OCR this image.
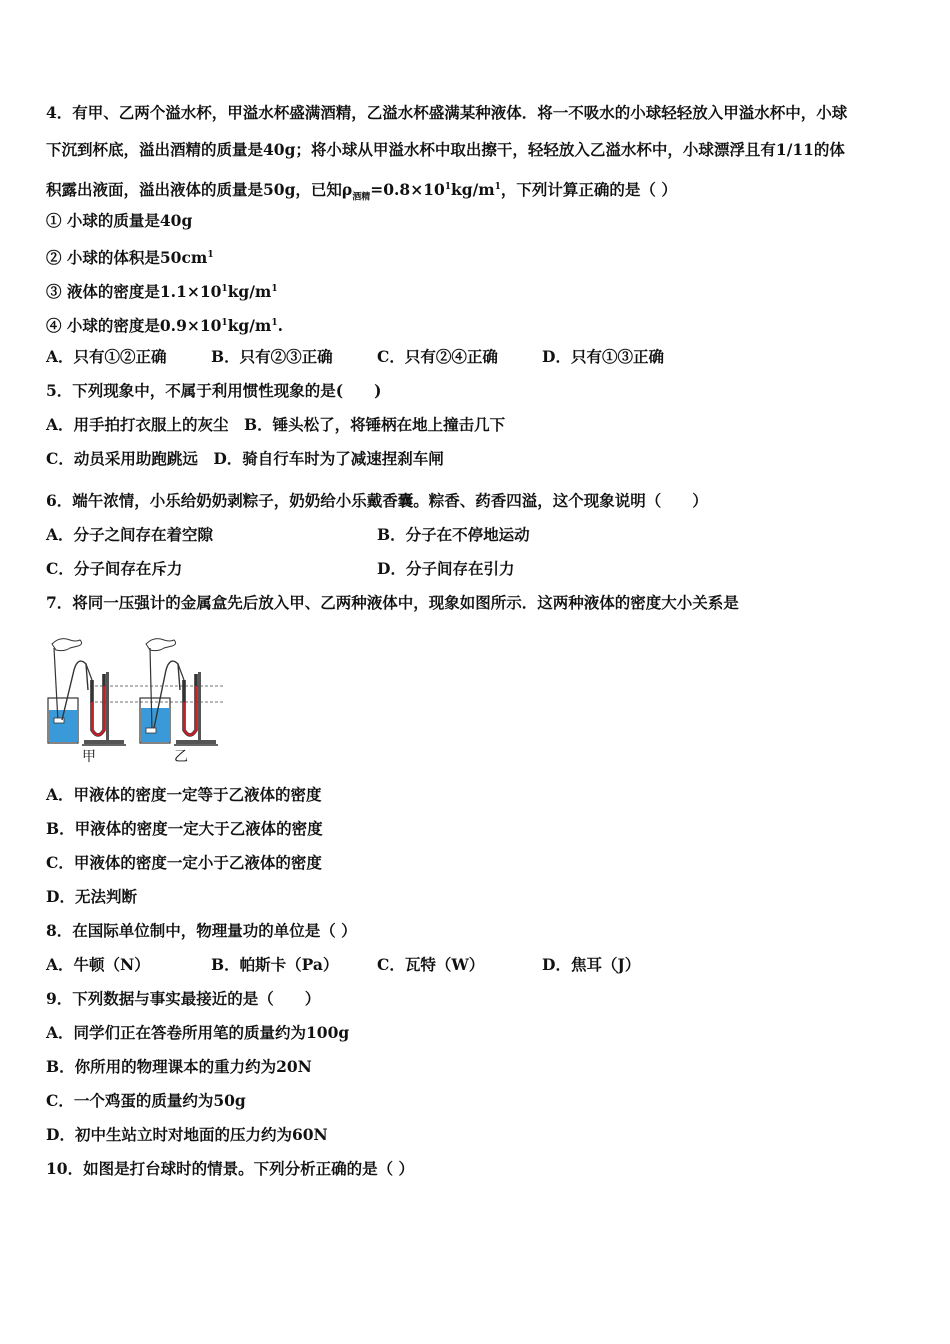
4．有甲、乙两个溢水杯，甲溢水杯盛满酒精，乙溢水杯盛满某种液体．将一不吸水的小球轻轻放入甲溢水杯中，小球
下沉到杯底，溢出酒精的质量是40g；将小球从甲溢水杯中取出擦干，轻轻放入乙溢水杯中，小球漂浮且有1/11的体
积露出液面，溢出液体的质量是50g，已知$\rho_{酒精}=0.8\times 10^1kg/m^1$，下列计算正确的是（ ）
① 小球的质量是40g
② 小球的体积是$50cm^1$
③ 液体的密度是$1.1\times 10^1kg/m^1$
④ 小球的密度是$0.9\times 10^1kg/m^1$.
A．只有①②正确	B．只有②③正确	C．只有②④正确	D．只有①③正确
5．下列现象中，不属于利用惯性现象的是(　　)
A．用手拍打衣服上的灰尘　B．锤头松了，将锤柄在地上撞击几下
C．动员采用助跑跳远　D．骑自行车时为了减速捏刹车闸
6．端午浓情，小乐给奶奶剥粽子，奶奶给小乐戴香囊。粽香、药香四溢，这个现象说明（　　）
A．分子之间存在着空隙	B．分子在不停地运动
C．分子间存在斥力	D．分子间存在引力
7．将同一压强计的金属盒先后放入甲、乙两种液体中，现象如图所示．这两种液体的密度大小关系是
甲	乙
A．甲液体的密度一定等于乙液体的密度
B．甲液体的密度一定大于乙液体的密度
C．甲液体的密度一定小于乙液体的密度
D．无法判断
8．在国际单位制中，物理量功的单位是（ ）
A．牛顿（N）	B．帕斯卡（Pa） C．瓦特（W）	D．焦耳（J）
9．下列数据与事实最接近的是（　　）
A．同学们正在答卷所用笔的质量约为100g
B．你所用的物理课本的重力约为20N
C．一个鸡蛋的质量约为50g
D．初中生站立时对地面的压力约为60N
10．如图是打台球时的情景。下列分析正确的是（ ）
